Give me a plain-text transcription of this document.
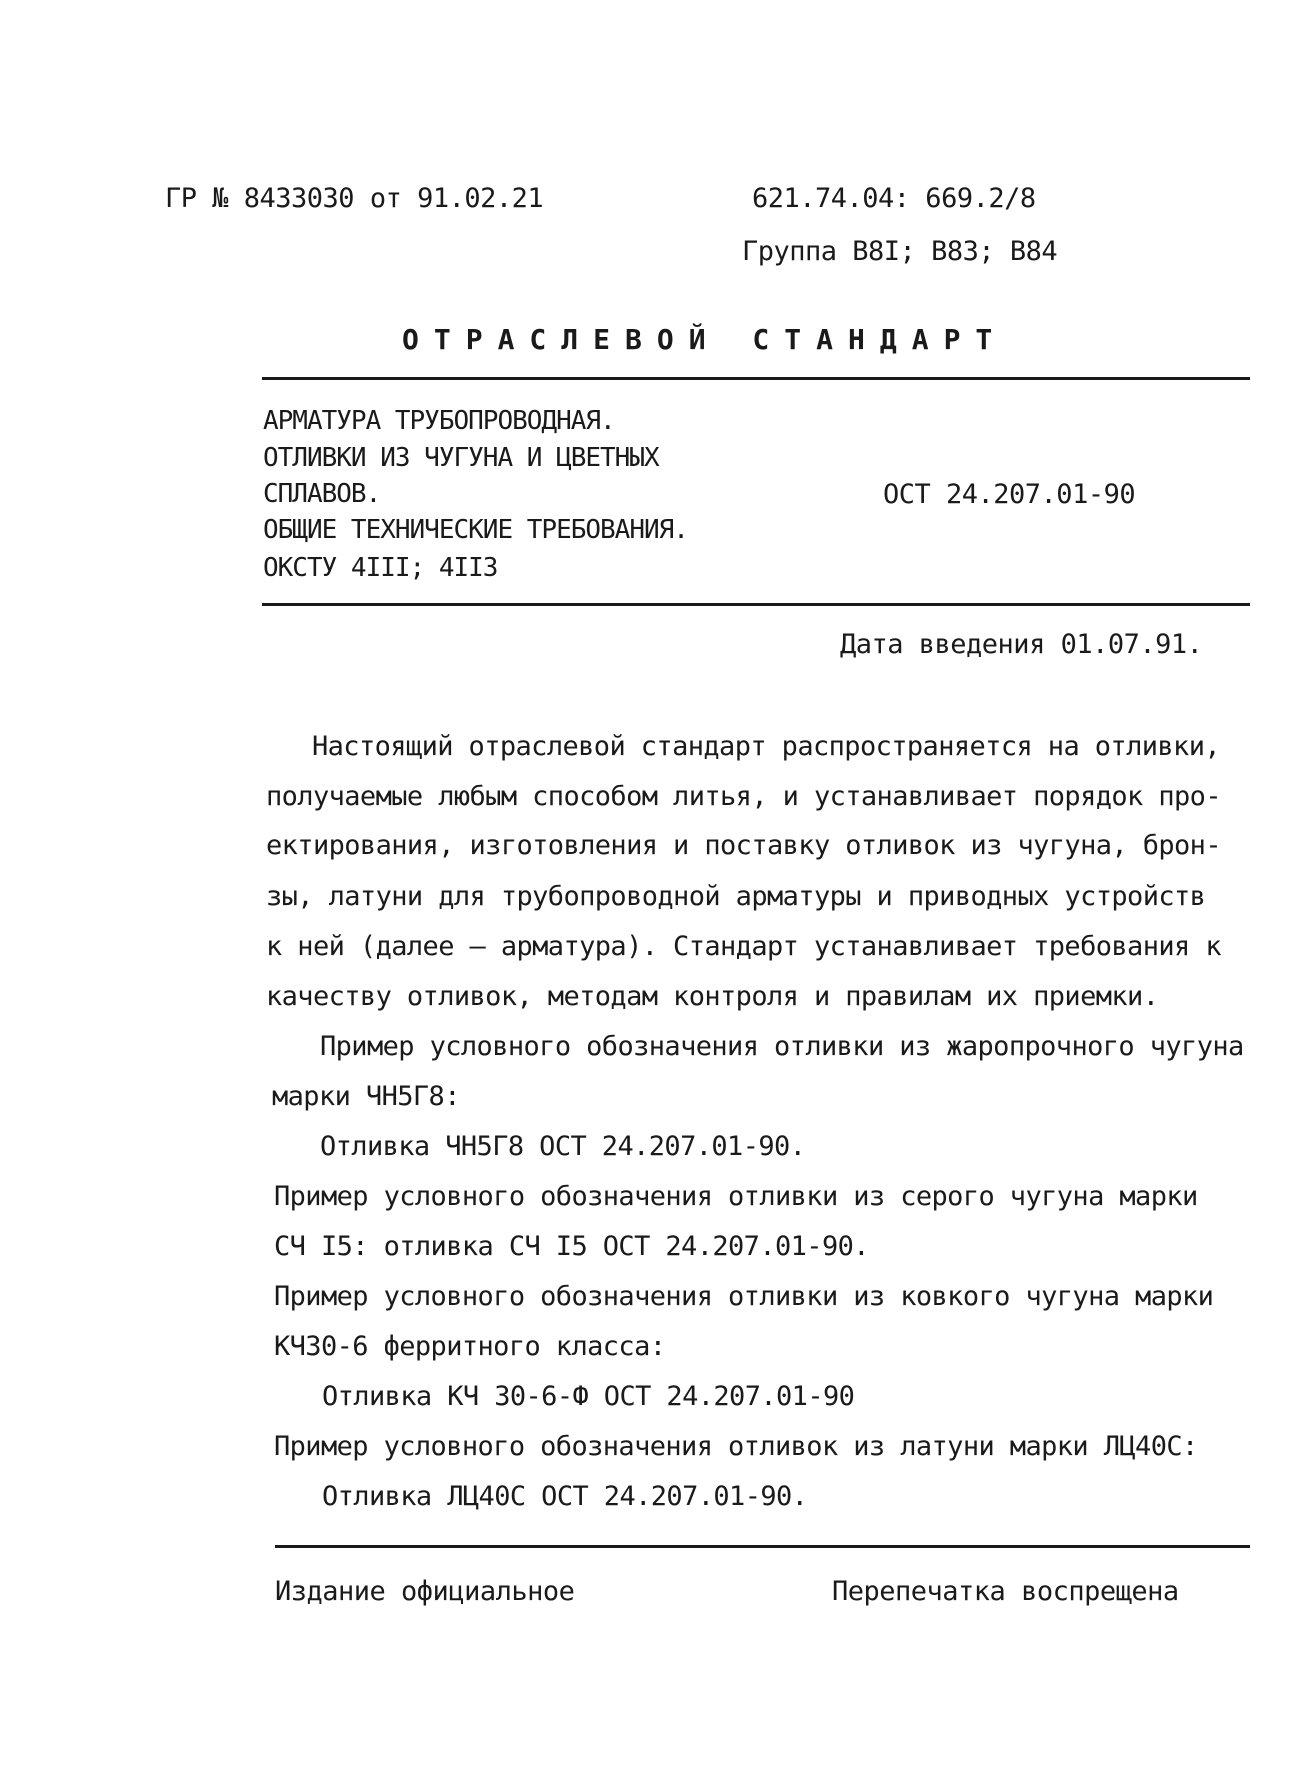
ГР № 8433030 от 91.02.21	621.74.04: 669.2/8
Группа В8I; В83; В84
ОТРАСЛЕВОЙ СТАНДАРТ
АРМАТУРА ТРУБОПРОВОДНАЯ.
ОТЛИВКИ ИЗ ЧУГУНА И ЦВЕТНЫХ
СПЛАВОВ.
ОБЩИЕ ТЕХНИЧЕСКИЕ ТРЕБОВАНИЯ.
ОКСТУ 4III; 4II3
ОСТ 24.207.01-90
Дата введения 01.07.91.
Настоящий отраслевой стандарт распространяется на отливки,
получаемые любым способом литья, и устанавливает порядок про-
ектирования, изготовления и поставку отливок из чугуна, брон-
зы, латуни для трубопроводной арматуры и приводных устройств
к ней (далее – арматура). Стандарт устанавливает требования к
качеству отливок, методам контроля и правилам их приемки.
Пример условного обозначения отливки из жаропрочного чугуна
марки ЧН5Г8:
Отливка ЧН5Г8 ОСТ 24.207.01-90.
Пример условного обозначения отливки из серого чугуна марки
СЧ I5: отливка СЧ I5 ОСТ 24.207.01-90.
Пример условного обозначения отливки из ковкого чугуна марки
КЧ30-6 ферритного класса:
Отливка КЧ 30-6-Ф ОСТ 24.207.01-90
Пример условного обозначения отливок из латуни марки ЛЦ40С:
Отливка ЛЦ40С ОСТ 24.207.01-90.
Издание официальное	Перепечатка воспрещена
